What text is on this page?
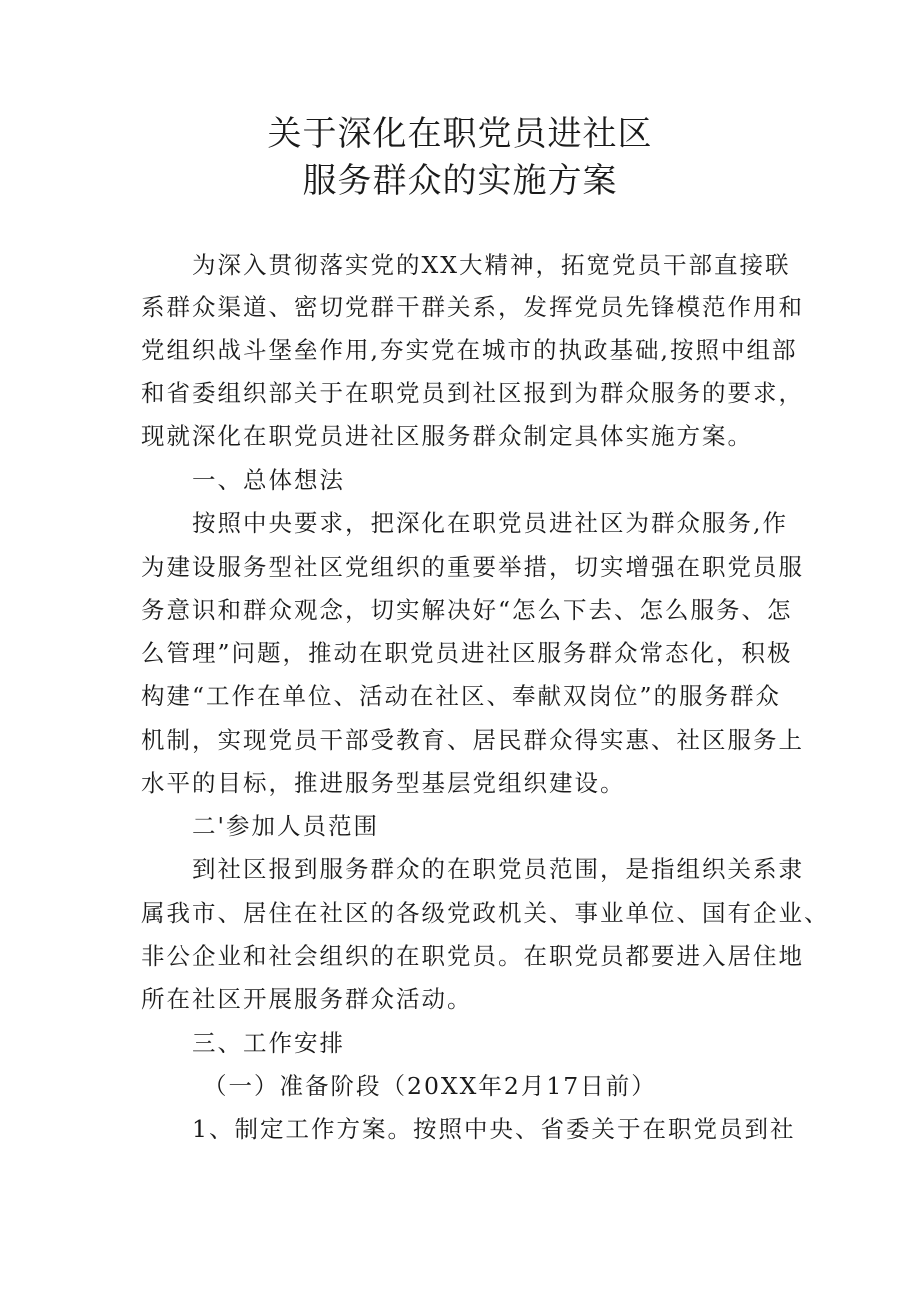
关于深化在职党员进社区
服务群众的实施方案
为深入贯彻落实党的XX大精神，拓宽党员干部直接联
系群众渠道、密切党群干群关系，发挥党员先锋模范作用和
党组织战斗堡垒作用,夯实党在城市的执政基础,按照中组部
和省委组织部关于在职党员到社区报到为群众服务的要求，
现就深化在职党员进社区服务群众制定具体实施方案。
一、总体想法
按照中央要求，把深化在职党员进社区为群众服务,作
为建设服务型社区党组织的重要举措，切实增强在职党员服
务意识和群众观念，切实解决好“怎么下去、怎么服务、怎
么管理”问题，推动在职党员进社区服务群众常态化，积极
构建“工作在单位、活动在社区、奉献双岗位”的服务群众
机制，实现党员干部受教育、居民群众得实惠、社区服务上
水平的目标，推进服务型基层党组织建设。
二'参加人员范围
到社区报到服务群众的在职党员范围，是指组织关系隶
属我市、居住在社区的各级党政机关、事业单位、国有企业、
非公企业和社会组织的在职党员。在职党员都要进入居住地
所在社区开展服务群众活动。
三、工作安排
（一）准备阶段（20XX年2月17日前）
1、制定工作方案。按照中央、省委关于在职党员到社
